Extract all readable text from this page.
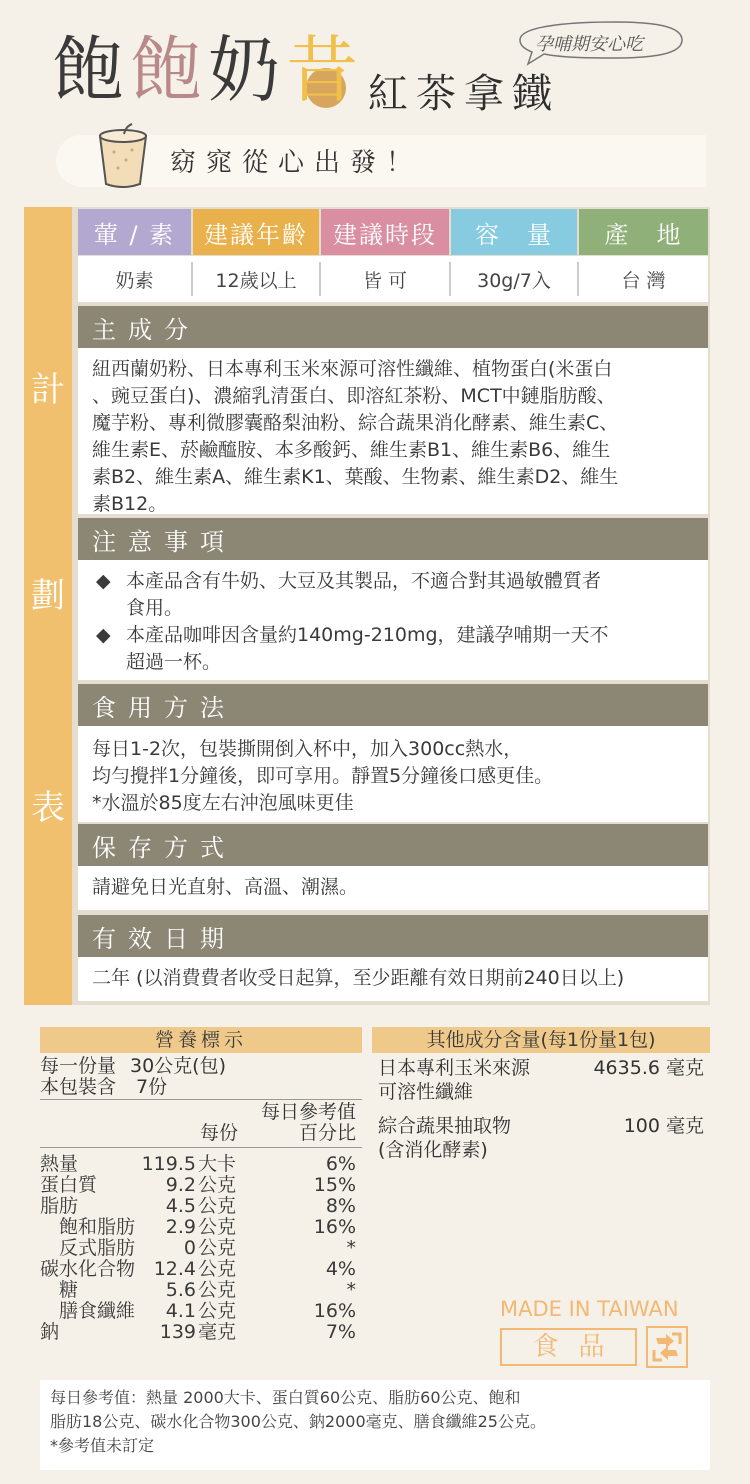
飽 飽 奶 昔 紅茶拿鐵
孕哺期安心吃
窈窕從心出發！
計
劃
表
葷 / 素	建議年齡	建議時段	容　量	產　地
奶素	12歲以上	皆 可	30g/7入	台 灣
主成分

紐西蘭奶粉、日本專利玉米來源可溶性纖維、植物蛋白(米蛋白

、豌豆蛋白)、濃縮乳清蛋白、即溶紅茶粉、MCT中鏈脂肪酸、

魔芋粉、專利微膠囊酪梨油粉、綜合蔬果消化酵素、維生素C、

維生素E、菸鹼醯胺、本多酸鈣、維生素B1、維生素B6、維生

素B2、維生素A、維生素K1、葉酸、生物素、維生素D2、維生

素B12。

注意事項
◆ 本產品含有牛奶、大豆及其製品，不適合對其過敏體質者

食用。

◆ 本產品咖啡因含量約140mg-210mg，建議孕哺期一天不

超過一杯。

食用方法

每日1-2次，包裝撕開倒入杯中，加入300cc熱水，

均勻攪拌1分鐘後，即可享用。靜置5分鐘後口感更佳。

*水溫於85度左右沖泡風味更佳

保存方式

請避免日光直射、高溫、潮濕。

有效日期

二年 (以消費費者收受日起算，至少距離有效日期前240日以上)

營養標示	其他成分含量(每1份量1包)
每一份量 30公克(包)
本包裝含 7份
每日參考值
每份	百分比
熱量	119.5 大卡	6%
蛋白質	9.2 公克	15%
脂肪	4.5 公克	8%
　飽和脂肪 2.9 公克	16%
　反式脂肪	0 公克	*
碳水化合物 12.4 公克	4%
　糖	5.6 公克	*
　膳食纖維 4.1 公克	16%
鈉	139 毫克	7%
日本專利玉米來源
可溶性纖維
4635.6 毫克
綜合蔬果抽取物
(含消化酵素)
100 毫克
MADE IN TAIWAN
食品

每日參考值：熱量 2000大卡、蛋白質60公克、脂肪60公克、飽和

脂肪18公克、碳水化合物300公克、鈉2000毫克、膳食纖維25公克。

*參考值未訂定
